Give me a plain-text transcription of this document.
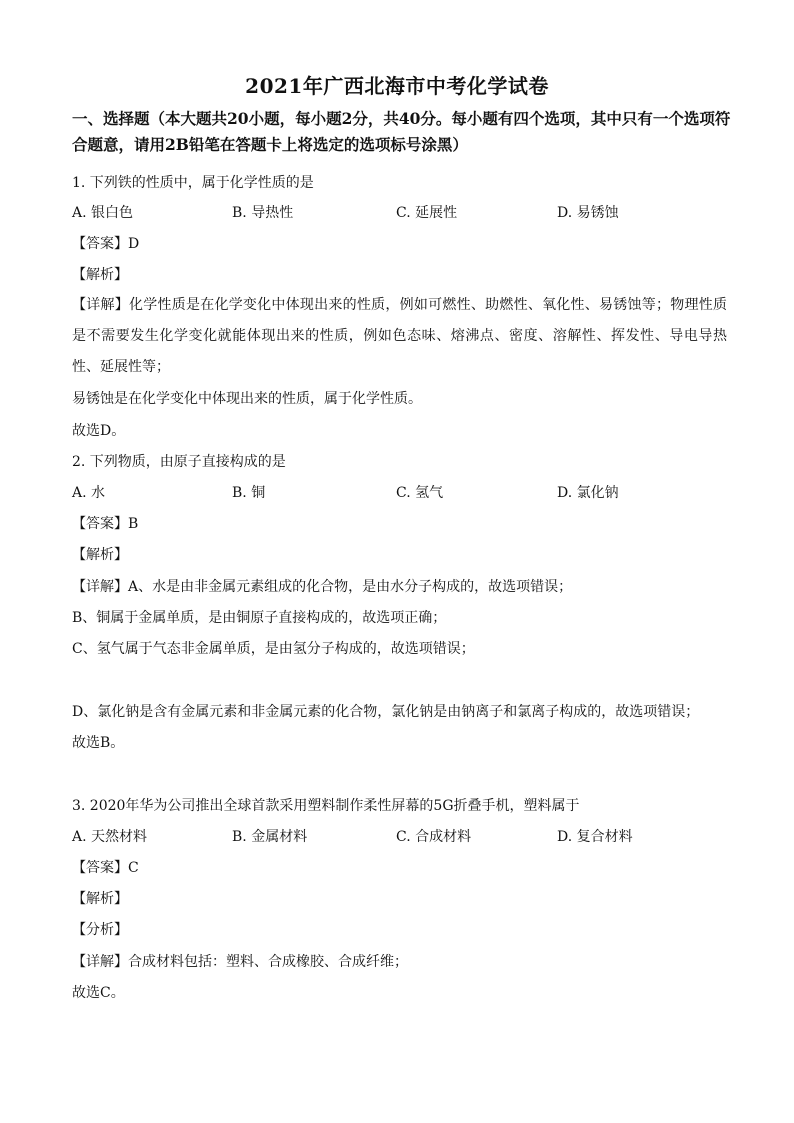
2021年广西北海市中考化学试卷
一、选择题（本大题共20小题，每小题2分，共40分。每小题有四个选项，其中只有一个选项符合题意，请用2B铅笔在答题卡上将选定的选项标号涂黑）
1. 下列铁的性质中，属于化学性质的是
A. 银白色	B. 导热性	C. 延展性	D. 易锈蚀
【答案】D
【解析】
【详解】化学性质是在化学变化中体现出来的性质，例如可燃性、助燃性、氧化性、易锈蚀等；物理性质是不需要发生化学变化就能体现出来的性质，例如色态味、熔沸点、密度、溶解性、挥发性、导电导热性、延展性等；
易锈蚀是在化学变化中体现出来的性质，属于化学性质。
故选D。
2. 下列物质，由原子直接构成的是
A. 水	B. 铜	C. 氢气	D. 氯化钠
【答案】B
【解析】
【详解】A、水是由非金属元素组成的化合物，是由水分子构成的，故选项错误；
B、铜属于金属单质，是由铜原子直接构成的，故选项正确；
C、氢气属于气态非金属单质，是由氢分子构成的，故选项错误；
D、氯化钠是含有金属元素和非金属元素的化合物，氯化钠是由钠离子和氯离子构成的，故选项错误；
故选B。
3. 2020年华为公司推出全球首款采用塑料制作柔性屏幕的5G折叠手机，塑料属于
A. 天然材料	B. 金属材料	C. 合成材料	D. 复合材料
【答案】C
【解析】
【分析】
【详解】合成材料包括：塑料、合成橡胶、合成纤维；
故选C。
